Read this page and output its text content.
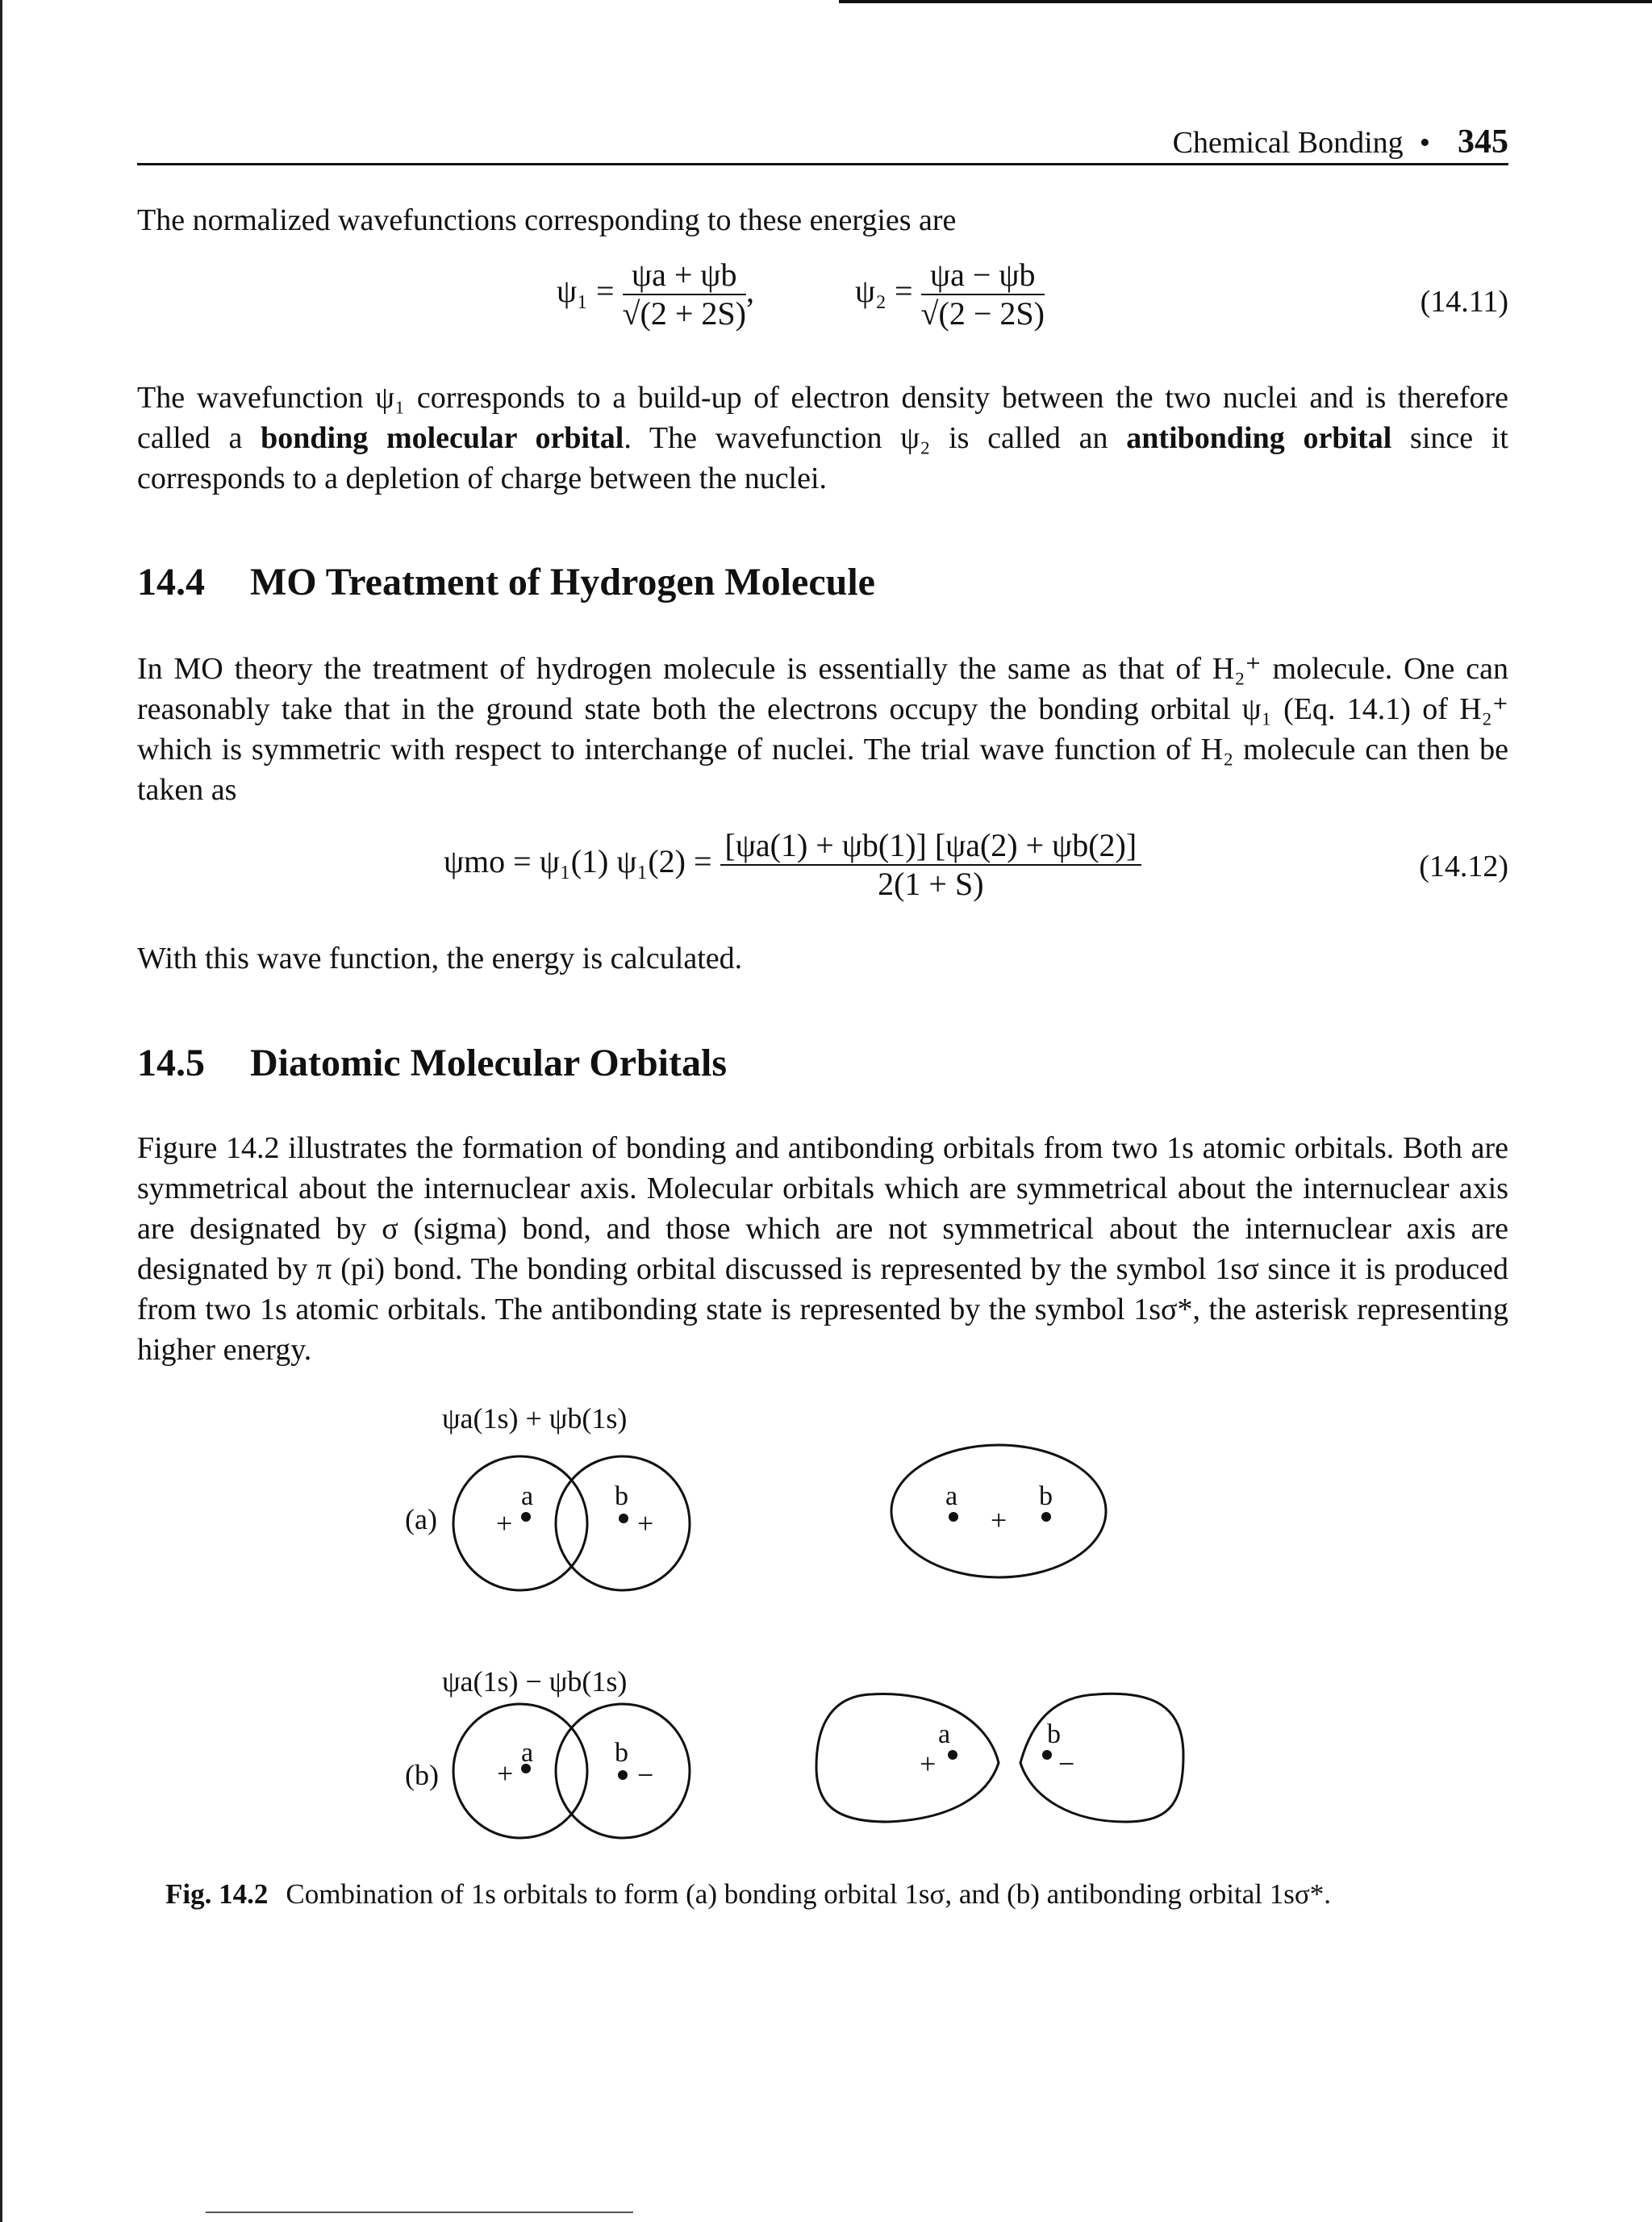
Chemical Bonding • 345

The normalized wavefunctions corresponding to these energies are

$\psi_1 = \frac{\psi a + \psi b}{√(2 + 2S)}$ ,	$\psi_2 = \frac{\psi a - \psi b}{√(2 - 2S)}$	(14.11)

The wavefunction ψ₁ corresponds to a build-up of electron density between the two nuclei and is therefore called a bonding molecular orbital. The wavefunction ψ₂ is called an antibonding orbital since it corresponds to a depletion of charge between the nuclei.

14.4 MO Treatment of Hydrogen Molecule

In MO theory the treatment of hydrogen molecule is essentially the same as that of H₂⁺ molecule. One can reasonably take that in the ground state both the electrons occupy the bonding orbital ψ₁ (Eq. 14.1) of H₂⁺ which is symmetric with respect to interchange of nuclei. The trial wave function of H₂ molecule can then be taken as

ψmo = ψ₁(1) $\psi_1(2) = \frac{[\psi a(1) + \psi b(1)] [\psi a(2) + \psi b(2)]}{2(1 + S)}$	(14.12)

With this wave function, the energy is calculated.

14.5 Diatomic Molecular Orbitals

Figure 14.2 illustrates the formation of bonding and antibonding orbitals from two 1s atomic orbitals. Both are symmetrical about the internuclear axis. Molecular orbitals which are symmetrical about the internuclear axis are designated by σ (sigma) bond, and those which are not symmetrical about the internuclear axis are designated by π (pi) bond. The bonding orbital discussed is represented by the symbol 1sσ since it is produced from two 1s atomic orbitals. The antibonding state is represented by the symbol 1sσ*, the asterisk representing higher energy.

ψa(1s) + ψb(1s)
(a)
a	b
+	+
a	b
+
ψa(1s) − ψb(1s)
(b)
a	b
+	−
a	b
+	−
Fig. 14.2 Combination of 1s orbitals to form (a) bonding orbital 1sσ, and (b) antibonding orbital 1sσ*.
